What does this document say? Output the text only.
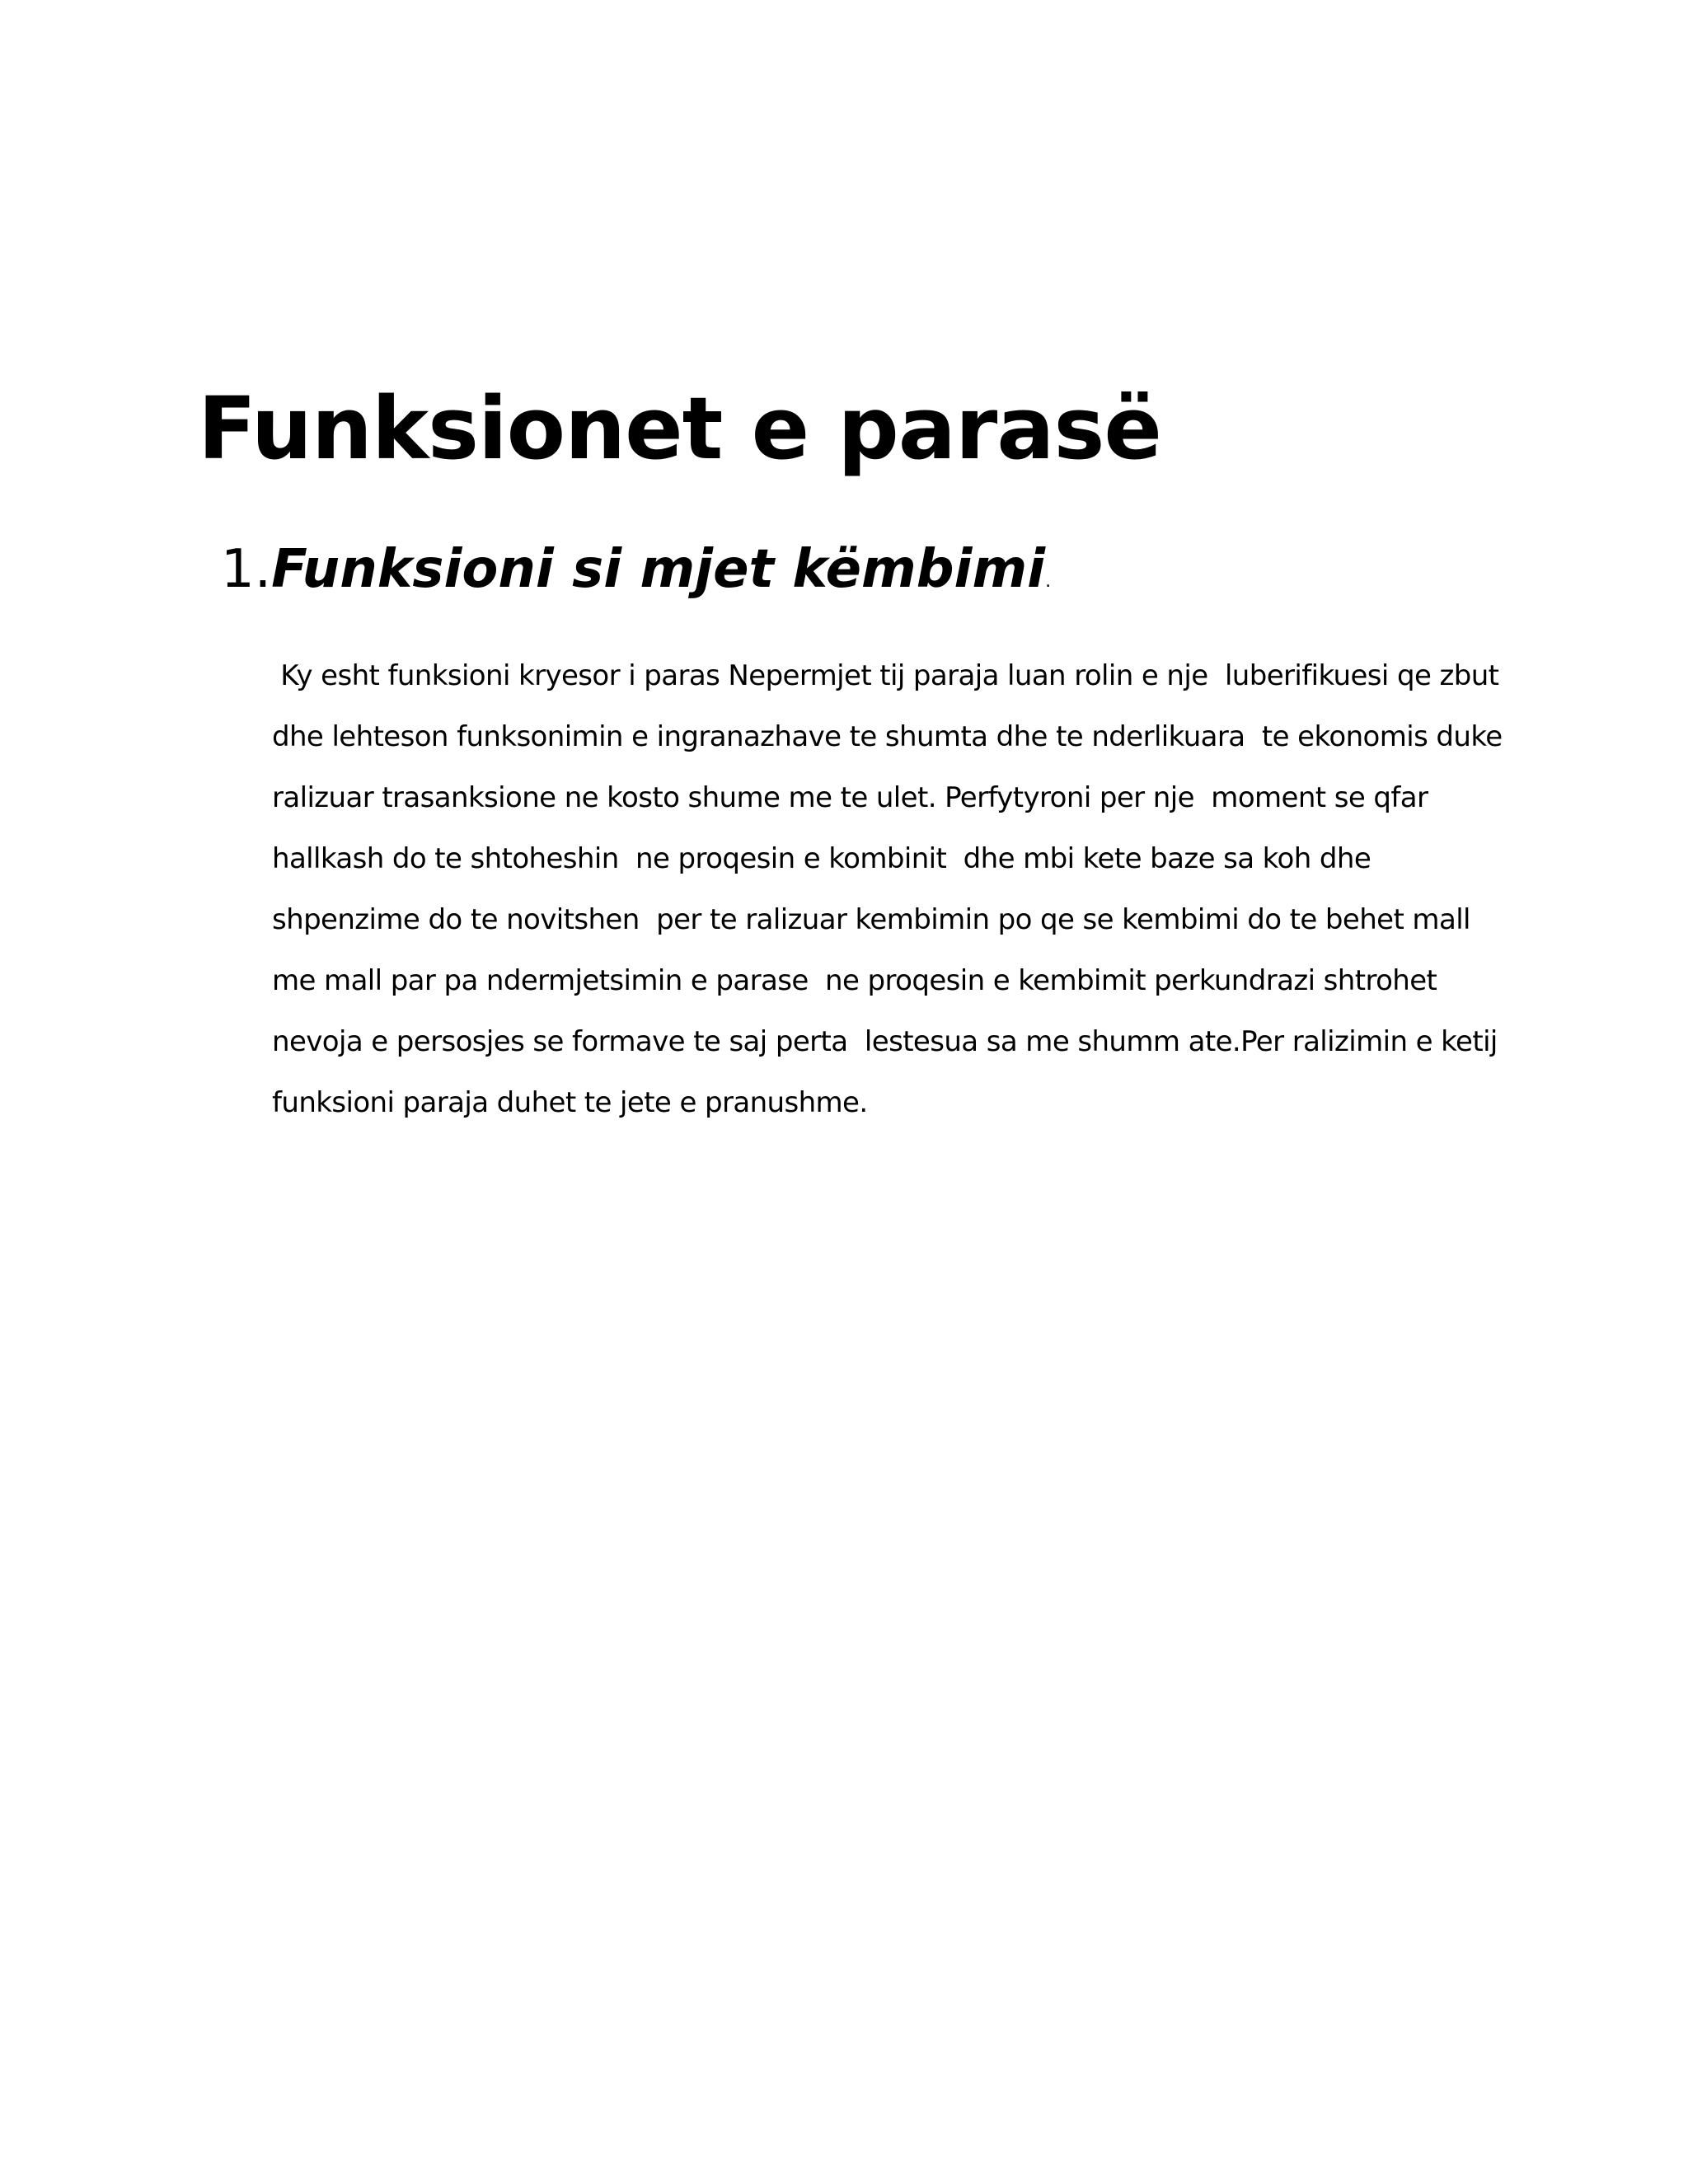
Funksionet e parasë
1.Funksioni si mjet këmbimi.
Ky esht funksioni kryesor i paras Nepermjet tij paraja luan rolin e nje  luberifikuesi qe zbut
dhe lehteson funksonimin e ingranazhave te shumta dhe te nderlikuara  te ekonomis duke
ralizuar trasanksione ne kosto shume me te ulet. Perfytyroni per nje  moment se qfar
hallkash do te shtoheshin  ne proqesin e kombinit  dhe mbi kete baze sa koh dhe
shpenzime do te novitshen  per te ralizuar kembimin po qe se kembimi do te behet mall
me mall par pa ndermjetsimin e parase  ne proqesin e kembimit perkundrazi shtrohet
nevoja e persosjes se formave te saj perta  lestesua sa me shumm ate.Per ralizimin e ketij
funksioni paraja duhet te jete e pranushme.
